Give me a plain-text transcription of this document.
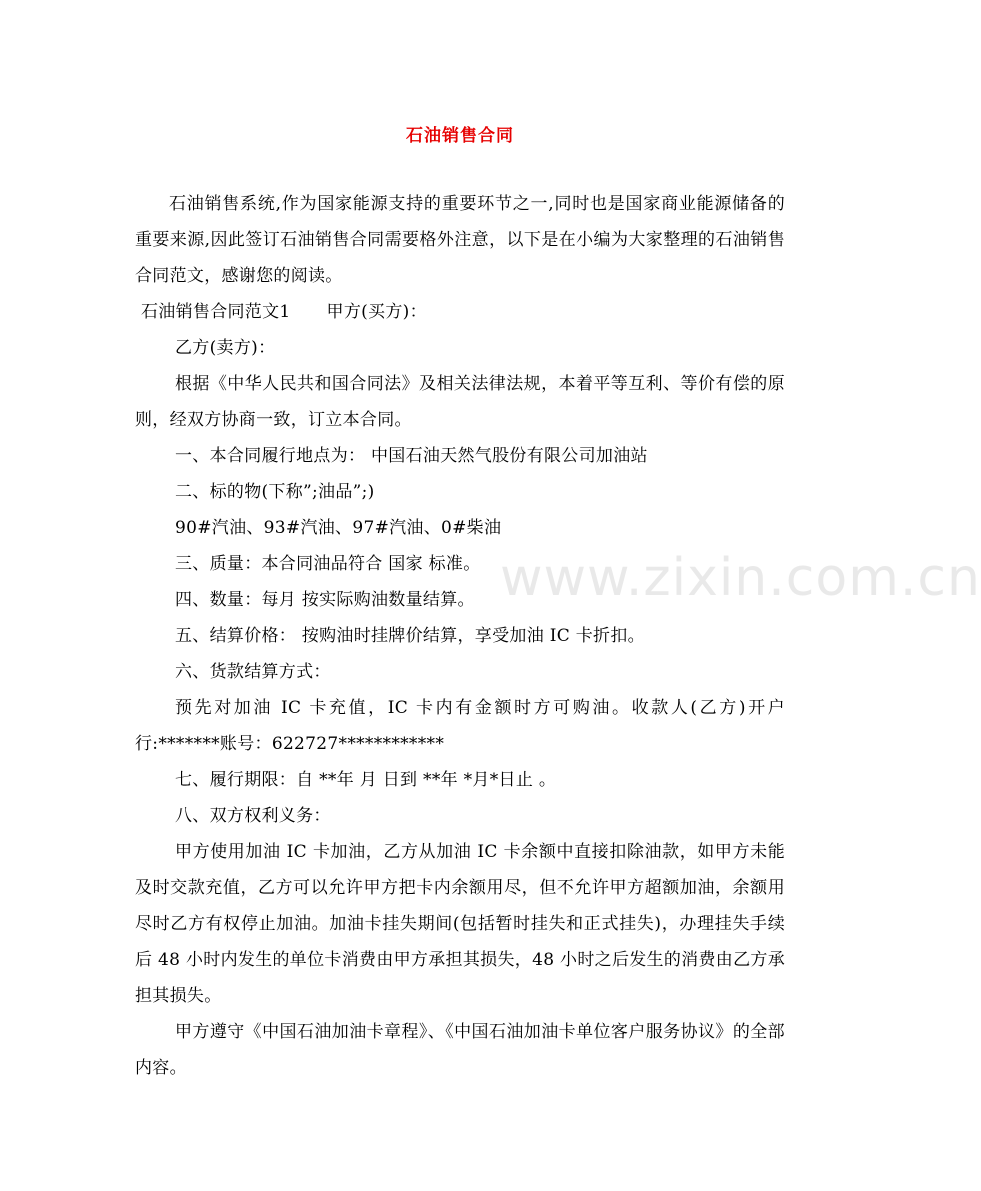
www.zixin.com.cn
石油销售合同

石油销售系统,作为国家能源支持的重要环节之一,同时也是国家商业能源储备的重要来源,因此签订石油销售合同需要格外注意，以下是在小编为大家整理的石油销售合同范文，感谢您的阅读。

石油销售合同范文1 甲方(买方)：

乙方(卖方)：

根据《中华人民共和国合同法》及相关法律法规，本着平等互利、等价有偿的原则，经双方协商一致，订立本合同。

一、本合同履行地点为： 中国石油天然气股份有限公司加油站

二、标的物(下称”;油品”;)

90#汽油、93#汽油、97#汽油、0#柴油

三、质量：本合同油品符合 国家 标准。

四、数量：每月 按实际购油数量结算。

五、结算价格： 按购油时挂牌价结算，享受加油 IC 卡折扣。

六、货款结算方式：

预先对加油 IC 卡充值，IC 卡内有金额时方可购油。收款人(乙方)开户行:*******账号：622727************

七、履行期限：自 **年 月 日到 **年 *月*日止 。

八、双方权利义务：

甲方使用加油 IC 卡加油，乙方从加油 IC 卡余额中直接扣除油款，如甲方未能及时交款充值，乙方可以允许甲方把卡内余额用尽，但不允许甲方超额加油，余额用尽时乙方有权停止加油。加油卡挂失期间(包括暂时挂失和正式挂失)，办理挂失手续后 48 小时内发生的单位卡消费由甲方承担其损失，48 小时之后发生的消费由乙方承担其损失。

甲方遵守《中国石油加油卡章程》、《中国石油加油卡单位客户服务协议》的全部内容。
